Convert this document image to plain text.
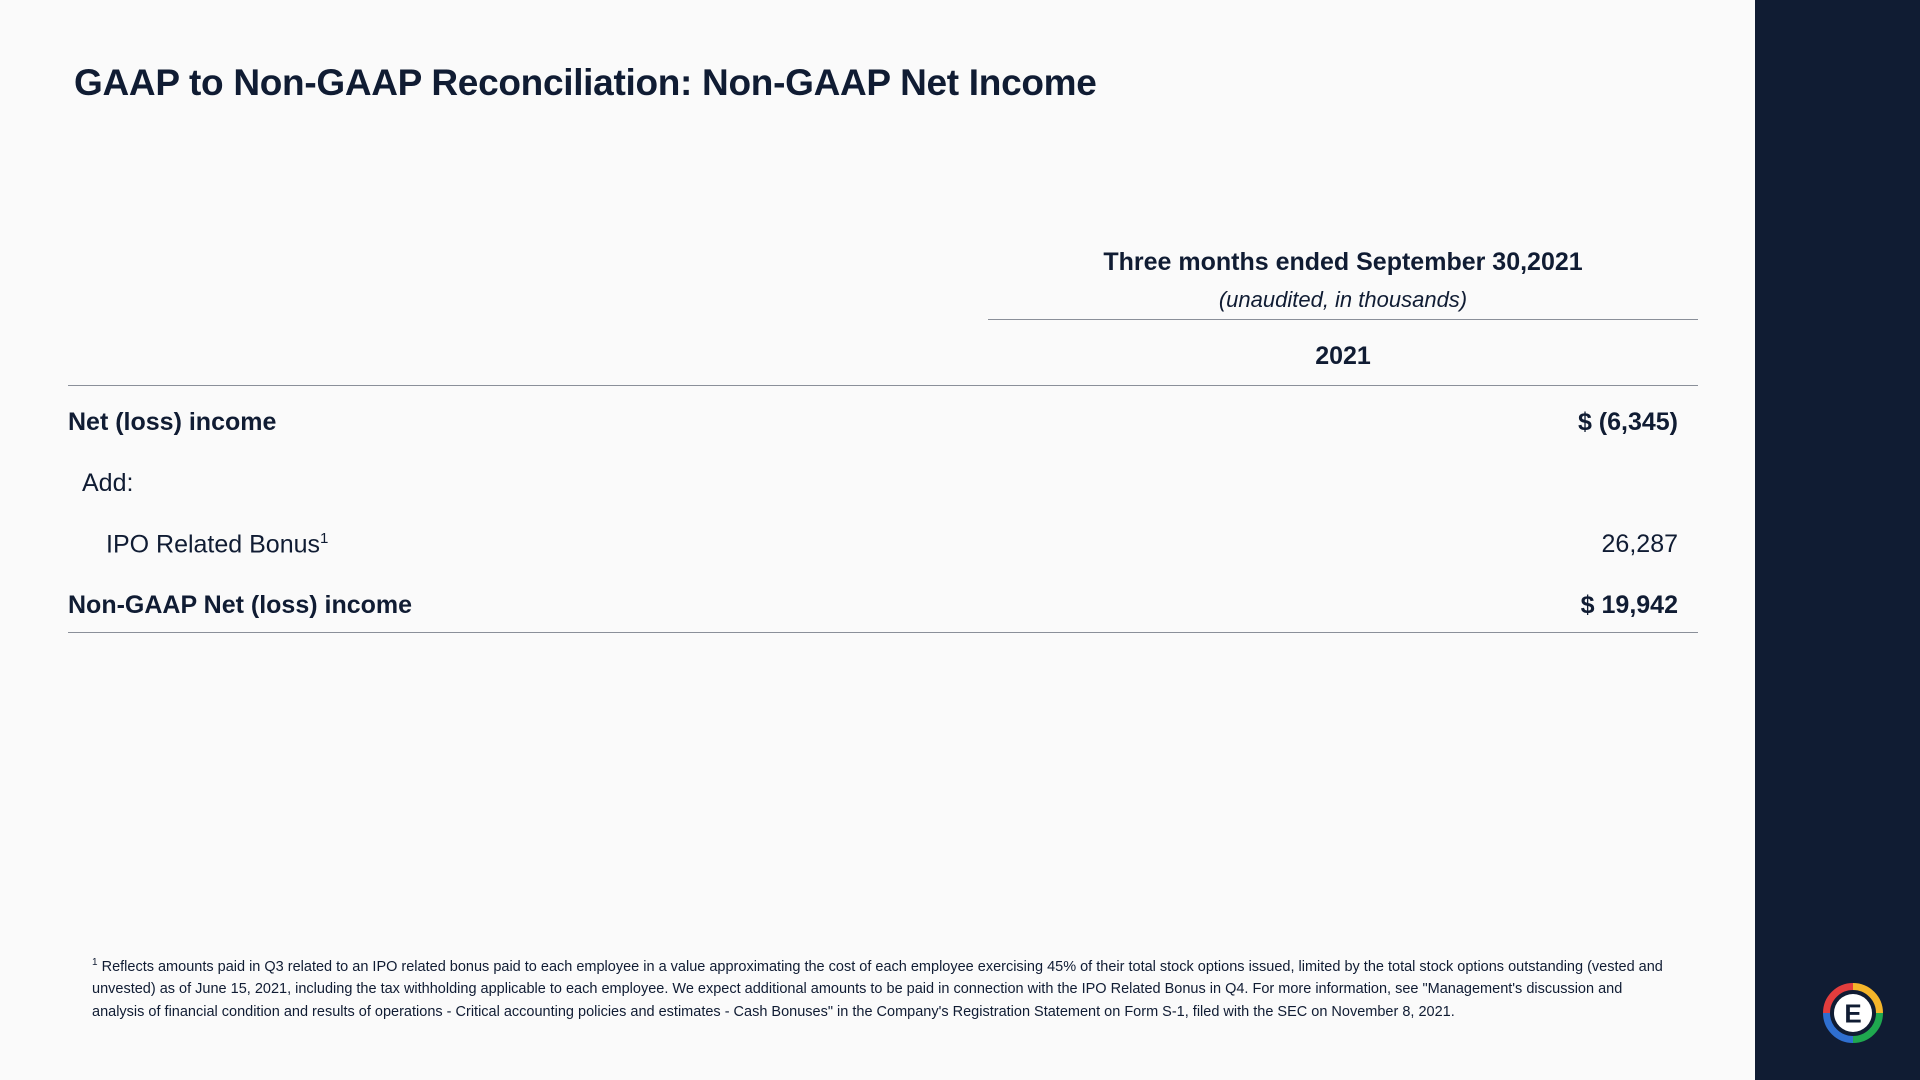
GAAP to Non-GAAP Reconciliation: Non-GAAP Net Income
	Three months ended September 30,2021
	(unaudited, in thousands)
	2021

Net (loss) income	$ (6,345)
Add:	
IPO Related Bonus$^1$	26,287
Non-GAAP Net (loss) income	$ 19,942

$^1$ Reflects amounts paid in Q3 related to an IPO related bonus paid to each employee in a value approximating the cost of each employee exercising 45% of their total stock options issued, limited by the total stock options outstanding (vested and unvested) as of June 15, 2021, including the tax withholding applicable to each employee. We expect additional amounts to be paid in connection with the IPO Related Bonus in Q4. For more information, see "Management's discussion and analysis of financial condition and results of operations - Critical accounting policies and estimates - Cash Bonuses" in the Company's Registration Statement on Form S-1, filed with the SEC on November 8, 2021.	E
